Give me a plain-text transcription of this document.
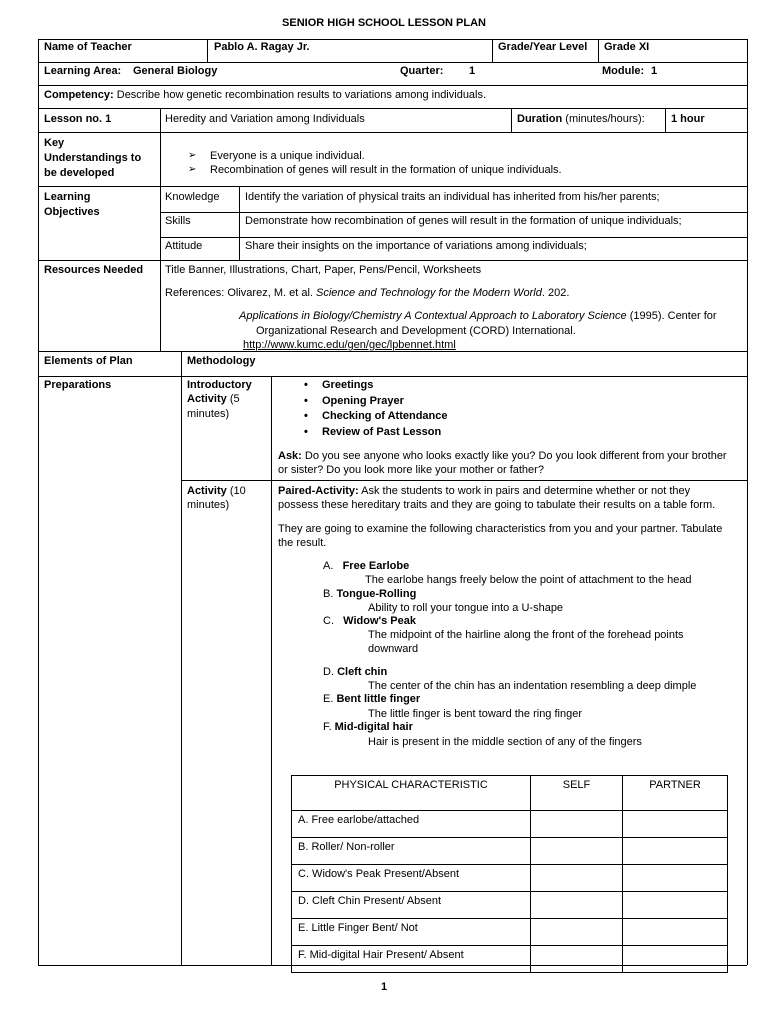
SENIOR HIGH SCHOOL LESSON PLAN
Name of Teacher	Pablo A. Ragay Jr.	Grade/Year Level Grade XI
Learning Area: General Biology	Quarter: 1	Module: 1
Competency: Describe how genetic recombination results to variations among individuals.
Lesson no. 1	Heredity and Variation among Individuals	Duration (minutes/hours): 1 hour
Key
Understandings to
be developed
➢ Everyone is a unique individual.
➢ Recombination of genes will result in the formation of unique individuals.
Learning
Objectives
Knowledge Identify the variation of physical traits an individual has inherited from his/her parents;
Skills	Demonstrate how recombination of genes will result in the formation of unique individuals;
Attitude	Share their insights on the importance of variations among individuals;
Resources Needed Title Banner, Illustrations, Chart, Paper, Pens/Pencil, Worksheets
References: Olivarez, M. et al. Science and Technology for the Modern World. 202.
Applications in Biology/Chemistry A Contextual Approach to Laboratory Science (1995). Center for
Organizational Research and Development (CORD) International.
http://www.kumc.edu/gen/gec/lpbennet.html
Elements of Plan	Methodology
Preparations	Introductory
Activity (5
minutes)
• Greetings
• Opening Prayer
• Checking of Attendance
• Review of Past Lesson
Ask: Do you see anyone who looks exactly like you? Do you look different from your brother
or sister? Do you look more like your mother or father?
Activity (10
minutes)
Paired-Activity: Ask the students to work in pairs and determine whether or not they
possess these hereditary traits and they are going to tabulate their results on a table form.
They are going to examine the following characteristics from you and your partner. Tabulate
the result.
A. Free Earlobe
The earlobe hangs freely below the point of attachment to the head
B. Tongue-Rolling
Ability to roll your tongue into a U-shape
C. Widow's Peak
The midpoint of the hairline along the front of the forehead points
downward
D. Cleft chin
The center of the chin has an indentation resembling a deep dimple
E. Bent little finger
The little finger is bent toward the ring finger
F. Mid-digital hair
Hair is present in the middle section of any of the fingers
PHYSICAL CHARACTERISTIC	SELF	PARTNER
A. Free earlobe/attached		
B. Roller/ Non-roller		
C. Widow's Peak Present/Absent		
D. Cleft Chin Present/ Absent		
E. Little Finger Bent/ Not		
F. Mid-digital Hair Present/ Absent		
1
